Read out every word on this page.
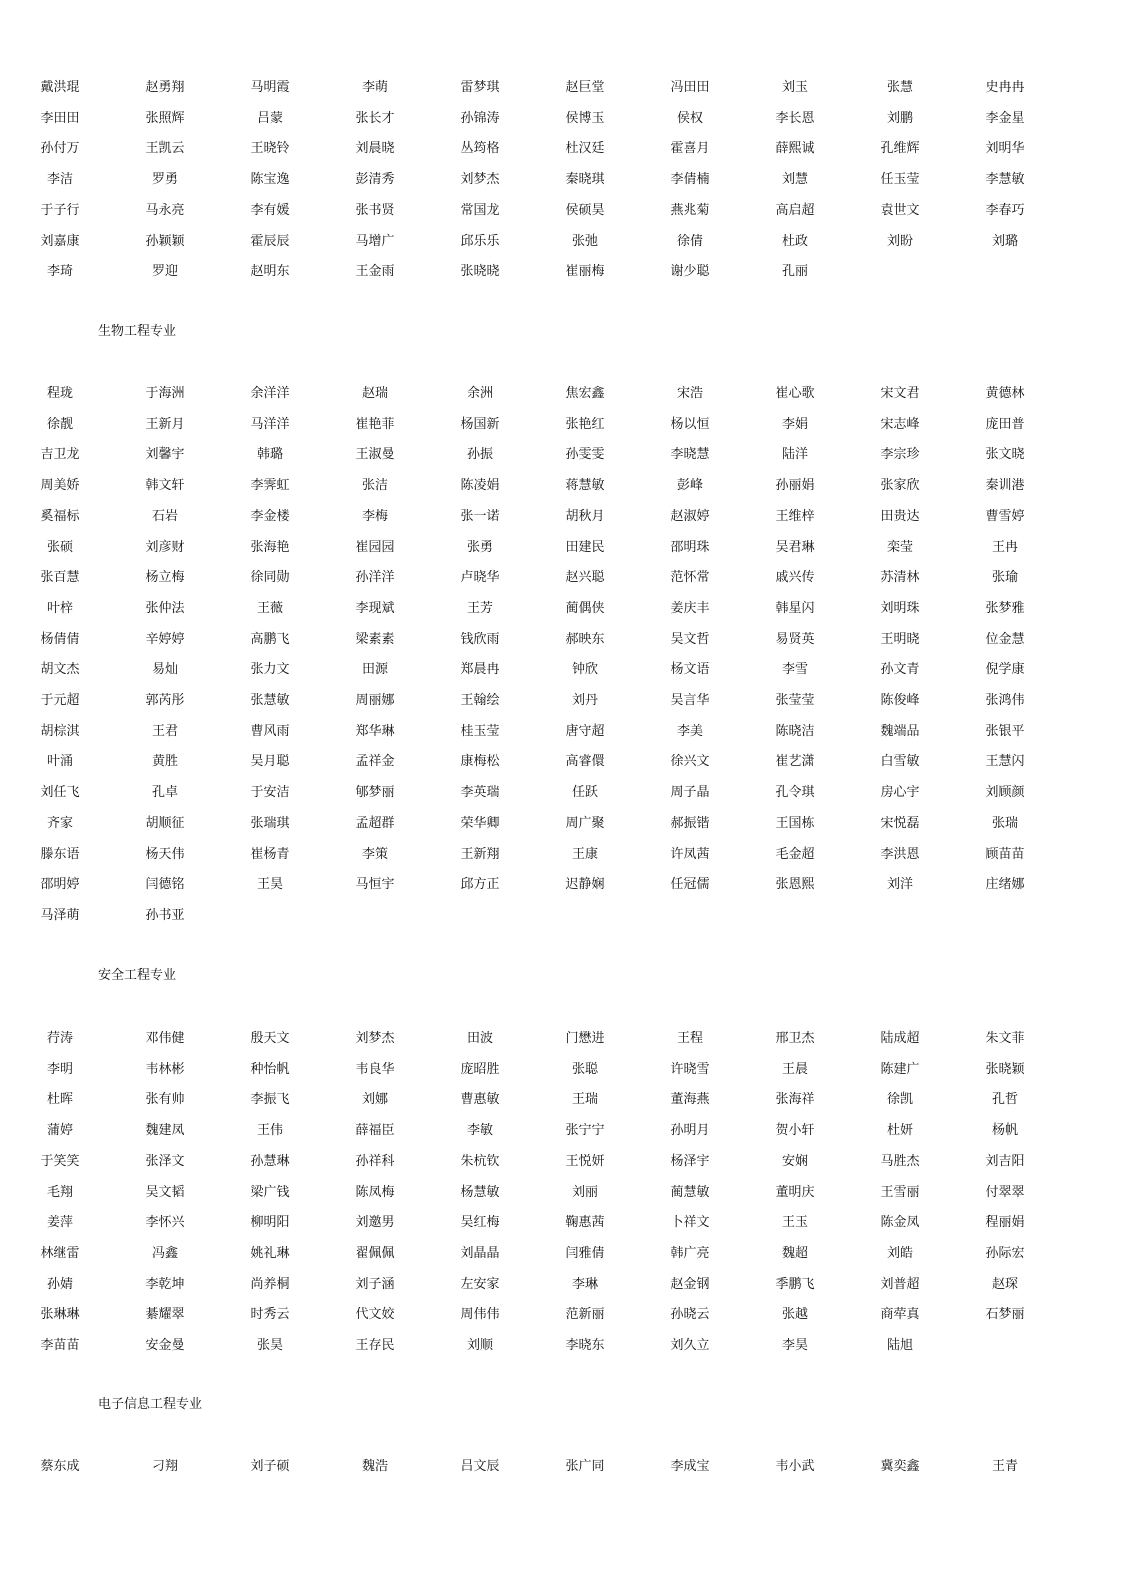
戴洪琨	赵勇翔	马明霞	李萌	雷梦琪	赵巨堂	冯田田	刘玉	张慧	史冉冉
李田田	张照辉	吕蒙	张长才	孙锦涛	侯博玉	侯权	李长恩	刘鹏	李金星
孙付万	王凯云	王晓铃	刘晨晓	丛筠格	杜汉廷	霍喜月	薛熙诚	孔维辉	刘明华
李洁	罗勇	陈宝逸	彭清秀	刘梦杰	秦晓琪	李倩楠	刘慧	任玉莹	李慧敏
于子行	马永亮	李有媛	张书贤	常国龙	侯硕昊	燕兆菊	高启超	袁世文	李春巧
刘嘉康	孙颖颖	霍辰辰	马增广	邱乐乐	张弛	徐倩	杜政	刘盼	刘璐
李琦	罗迎	赵明东	王金雨	张晓晓	崔丽梅	谢少聪	孔丽
生物工程专业
程珑	于海洲	余洋洋	赵瑞	余洲	焦宏鑫	宋浩	崔心歌	宋文君	黄德林
徐靓	王新月	马洋洋	崔艳菲	杨国新	张艳红	杨以恒	李娟	宋志峰	庞田普
吉卫龙	刘馨宇	韩璐	王淑曼	孙振	孙雯雯	李晓慧	陆洋	李宗珍	张文晓
周美娇	韩文轩	李霁虹	张洁	陈凌娟	蒋慧敏	彭峰	孙丽娟	张家欣	秦训港
奚福标	石岩	李金楼	李梅	张一诺	胡秋月	赵淑婷	王维梓	田贵达	曹雪婷
张硕	刘彦财	张海艳	崔园园	张勇	田建民	邵明珠	吴君琳	栾莹	王冉
张百慧	杨立梅	徐同勋	孙洋洋	卢晓华	赵兴聪	范怀常	戚兴传	苏清林	张瑜
叶梓	张仲法	王薇	李现斌	王芳	蔺偶侠	姜庆丰	韩星闪	刘明珠	张梦雅
杨倩倩	辛婷婷	高鹏飞	梁素素	钱欣雨	郝映东	吴文哲	易贤英	王明晓	位金慧
胡文杰	易灿	张力文	田源	郑晨冉	钟欣	杨文语	李雪	孙文青	倪学康
于元超	郭芮彤	张慧敏	周丽娜	王翰绘	刘丹	吴言华	张莹莹	陈俊峰	张鸿伟
胡棕淇	王君	曹风雨	郑华琳	桂玉莹	唐守超	李美	陈晓洁	魏端品	张银平
叶涌	黄胜	吴月聪	孟祥金	康梅松	高睿儇	徐兴文	崔艺潇	白雪敏	王慧闪
刘任飞	孔卓	于安洁	郇梦丽	李英瑞	任跃	周子晶	孔令琪	房心宇	刘顾颜
齐家	胡顺征	张瑞琪	孟超群	荣华卿	周广聚	郝振锴	王国栋	宋悦磊	张瑞
滕东语	杨天伟	崔杨青	李策	王新翔	王康	许凤茜	毛金超	李洪恩	顾苗苗
邵明婷	闫德铭	王昊	马恒宇	邱方正	迟静娴	任冠儒	张恩熙	刘洋	庄绪娜
马泽萌	孙书亚
安全工程专业
荇涛	邓伟健	殷天文	刘梦杰	田波	门懋进	王程	邢卫杰	陆成超	朱文菲
李明	韦林彬	种怡帆	韦良华	庞昭胜	张聪	许晓雪	王晨	陈建广	张晓颖
杜晖	张有帅	李振飞	刘娜	曹惠敏	王瑞	董海燕	张海祥	徐凯	孔哲
蒲婷	魏建凤	王伟	薛福臣	李敏	张宁宁	孙明月	贺小轩	杜妍	杨帆
于笑笑	张泽文	孙慧琳	孙祥科	朱杭钦	王悦妍	杨泽宇	安娴	马胜杰	刘吉阳
毛翔	吴文韬	梁广钱	陈凤梅	杨慧敏	刘丽	蔺慧敏	董明庆	王雪丽	付翠翠
姜萍	李怀兴	柳明阳	刘邀男	吴红梅	鞠惠茜	卜祥文	王玉	陈金凤	程丽娟
林继雷	冯鑫	姚礼琳	翟佩佩	刘晶晶	闫雅倩	韩广亮	魏超	刘皓	孙际宏
孙婧	李乾坤	尚养桐	刘子涵	左安家	李琳	赵金钢	季鹏飞	刘普超	赵琛
张琳琳	綦耀翠	时秀云	代文姣	周伟伟	范新丽	孙晓云	张越	商荦真	石梦丽
李苗苗	安金曼	张昊	王存民	刘顺	李晓东	刘久立	李昊	陆旭
电子信息工程专业
蔡东成	刁翔	刘子硕	魏浩	吕文辰	张广同	李成宝	韦小武	冀奕鑫	王青
